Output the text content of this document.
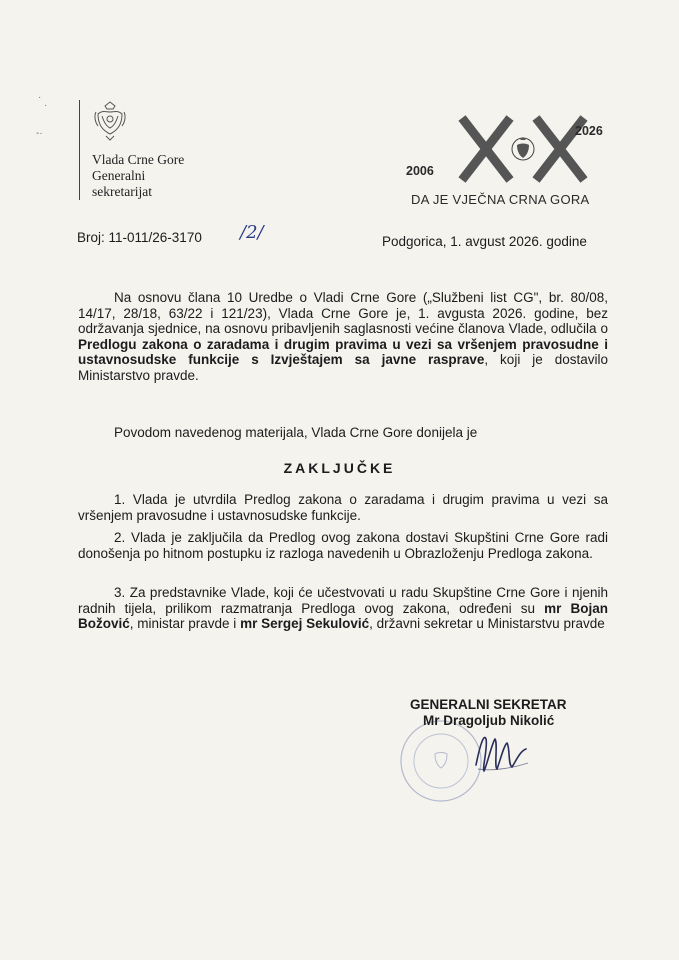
·
·
-·
Vlada Crne Gore
Generalni
sekretarijat
2006
2026
DA JE VJEČNA CRNA GORA
Broj: 11-011/26-3170 /2/	Podgorica, 1. avgust 2026. godine

Na osnovu člana 10 Uredbe o Vladi Crne Gore („Službeni list CG", br. 80/08, 14/17, 28/18, 63/22 i 121/23), Vlada Crne Gore je, 1. avgusta 2026. godine, bez održavanja sjednice, na osnovu pribavljenih saglasnosti većine članova Vlade, odlučila o Predlogu zakona o zaradama i drugim pravima u vezi sa vršenjem pravosudne i ustavnosudske funkcije s Izvještajem sa javne rasprave, koji je dostavilo Ministarstvo pravde.

Povodom navedenog materijala, Vlada Crne Gore donijela je

ZAKLJUČKE

1. Vlada je utvrdila Predlog zakona o zaradama i drugim pravima u vezi sa vršenjem pravosudne i ustavnosudske funkcije.

2. Vlada je zaključila da Predlog ovog zakona dostavi Skupštini Crne Gore radi donošenja po hitnom postupku iz razloga navedenih u Obrazloženju Predloga zakona.

3. Za predstavnike Vlade, koji će učestvovati u radu Skupštine Crne Gore i njenih radnih tijela, prilikom razmatranja Predloga ovog zakona, određeni su mr Bojan Božović, ministar pravde i mr Sergej Sekulović, državni sekretar u Ministarstvu pravde

GENERALNI SEKRETAR
Mr Dragoljub Nikolić
